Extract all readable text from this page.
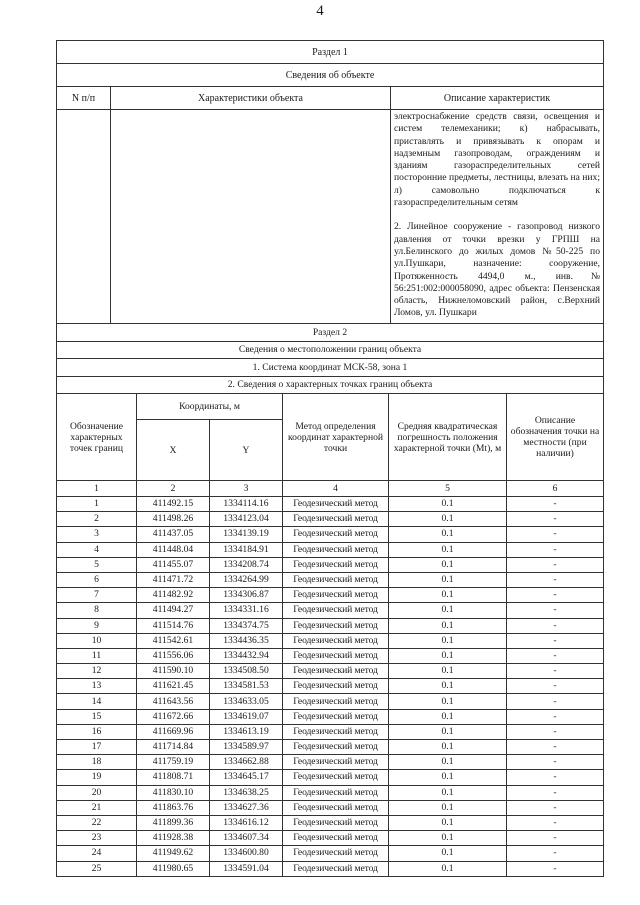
4
Раздел 1		
Сведения об объекте		
N п/п	Характеристики объекта	Описание характеристик

		электроснабжение средств связи, освещения и систем телемеханики; к) набрасывать, приставлять и привязывать к опорам и надземным газопроводам, ограждениям и зданиям газораспределительных сетей посторонние предметы, лестницы, влезать на них; л) самовольно подключаться к газораспределительным сетям
2. Линейное сооружение - газопровод низкого давления от точки врезки у ГРПШ на ул.Белинского до жилых домов №50-225 по ул.Пушкари, назначение: сооружение, Протяженность 4494,0 м., инв.№ 56:251:002:000058090, адрес объекта: Пензенская область, Нижнеломовский район, с.Верхний Ломов, ул. Пушкари
Раздел 2					
Сведения о местоположении границ объекта					
1. Система координат МСК-58, зона 1					
2. Сведения о характерных точках границ объекта					
Обозначение характерных точек границ	Координаты, м		Метод определения координат характерной точки	Средняя квадратическая погрешность положения характерной точки (Mt), м	Описание обозначения точки на местности (при наличии)
	X	Y			
1	2	3	4	5	6
1	411492.15	1334114.16	Геодезический метод	0.1	-
2	411498.26	1334123.04	Геодезический метод	0.1	-
3	411437.05	1334139.19	Геодезический метод	0.1	-
4	411448.04	1334184.91	Геодезический метод	0.1	-
5	411455.07	1334208.74	Геодезический метод	0.1	-
6	411471.72	1334264.99	Геодезический метод	0.1	-
7	411482.92	1334306.87	Геодезический метод	0.1	-
8	411494.27	1334331.16	Геодезический метод	0.1	-
9	411514.76	1334374.75	Геодезический метод	0.1	-
10	411542.61	1334436.35	Геодезический метод	0.1	-
11	411556.06	1334432.94	Геодезический метод	0.1	-
12	411590.10	1334508.50	Геодезический метод	0.1	-
13	411621.45	1334581.53	Геодезический метод	0.1	-
14	411643.56	1334633.05	Геодезический метод	0.1	-
15	411672.66	1334619.07	Геодезический метод	0.1	-
16	411669.96	1334613.19	Геодезический метод	0.1	-
17	411714.84	1334589.97	Геодезический метод	0.1	-
18	411759.19	1334662.88	Геодезический метод	0.1	-
19	411808.71	1334645.17	Геодезический метод	0.1	-
20	411830.10	1334638.25	Геодезический метод	0.1	-
21	411863.76	1334627.36	Геодезический метод	0.1	-
22	411899.36	1334616.12	Геодезический метод	0.1	-
23	411928.38	1334607.34	Геодезический метод	0.1	-
24	411949.62	1334600.80	Геодезический метод	0.1	-
25	411980.65	1334591.04	Геодезический метод	0.1	-
